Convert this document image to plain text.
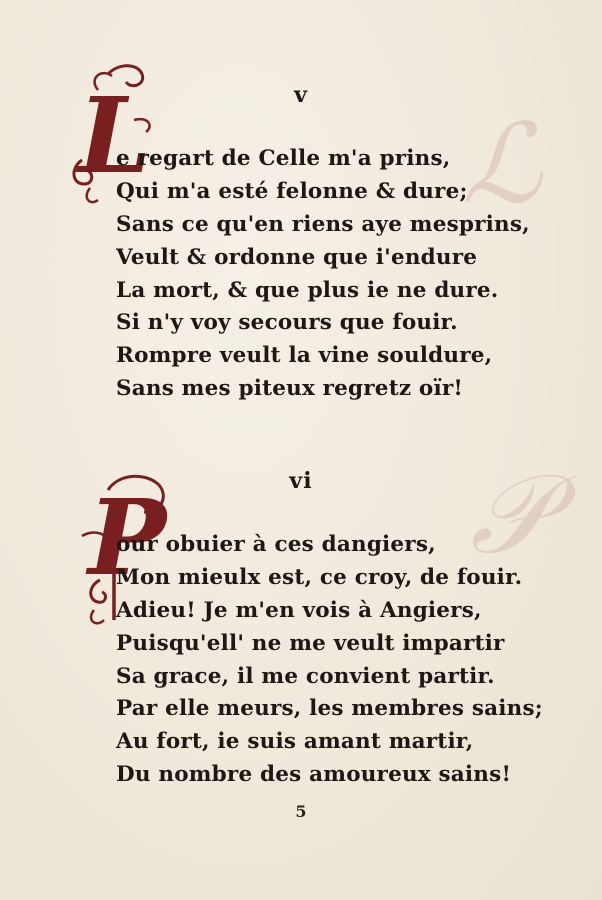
ℒ
𝒫
v
L
e regart de Celle m'a prins,
Qui m'a esté felonne & dure;
Sans ce qu'en riens aye mesprins,
Veult & ordonne que i'endure
La mort, & que plus ie ne dure.
Si n'y voy secours que fouir.
Rompre veult la vine souldure,
Sans mes piteux regretz oïr!
vi
P
our obuier à ces dangiers,
Mon mieulx est, ce croy, de fouir.
Adieu! Je m'en vois à Angiers,
Puisqu'ell' ne me veult impartir
Sa grace, il me convient partir.
Par elle meurs, les membres sains;
Au fort, ie suis amant martir,
Du nombre des amoureux sains!
5
